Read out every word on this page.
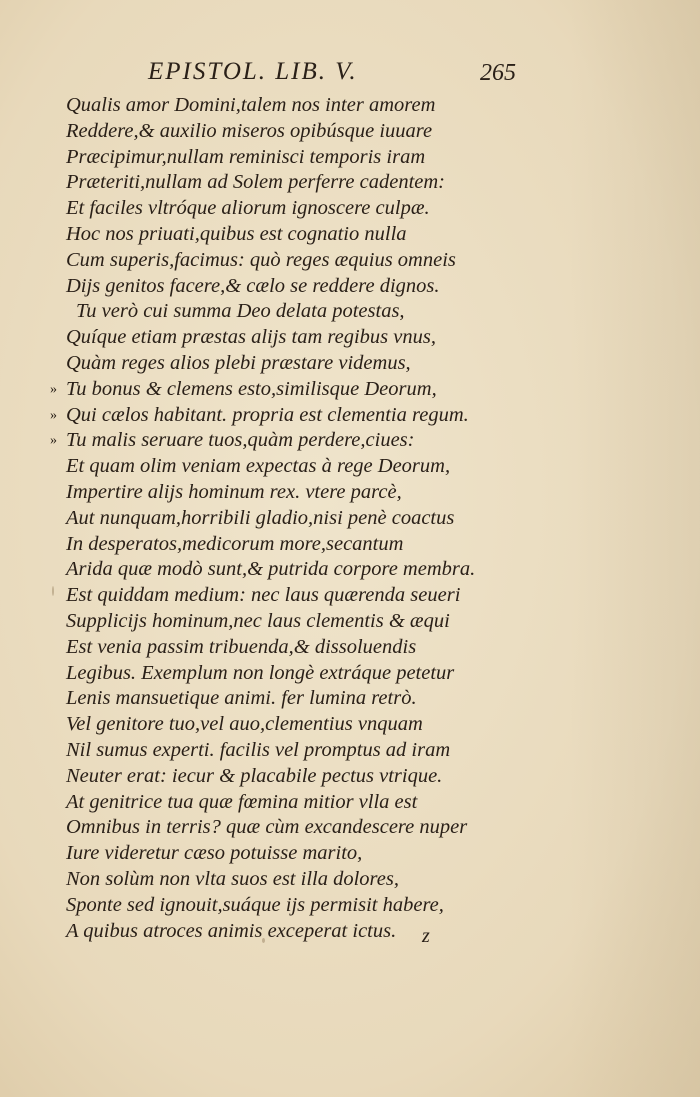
EPISTOL. LIB. V.	265
Qualis amor Domini,talem nos inter amorem
Reddere,& auxilio miseros opibúsque iuuare
Præcipimur,nullam reminisci temporis iram
Præteriti,nullam ad Solem perferre cadentem:
Et faciles vltróque aliorum ignoscere culpæ.
Hoc nos priuati,quibus est cognatio nulla
Cum superis,facimus: quò reges æquius omneis
Dijs genitos facere,& cælo se reddere dignos.
Tu verò cui summa Deo delata potestas,
Quíque etiam præstas alijs tam regibus vnus,
Quàm reges alios plebi præstare videmus,
» Tu bonus & clemens esto,similisque Deorum,
» Qui cælos habitant. propria est clementia regum.
» Tu malis seruare tuos,quàm perdere,ciues:
Et quam olim veniam expectas à rege Deorum,
Impertire alijs hominum rex. vtere parcè,
Aut nunquam,horribili gladio,nisi penè coactus
In desperatos,medicorum more,secantum
Arida quæ modò sunt,& putrida corpore membra.
Est quiddam medium: nec laus quærenda seueri
Supplicijs hominum,nec laus clementis & æqui
Est venia passim tribuenda,& dissoluendis
Legibus. Exemplum non longè extráque petetur
Lenis mansuetique animi. fer lumina retrò.
Vel genitore tuo,vel auo,clementius vnquam
Nil sumus experti. facilis vel promptus ad iram
Neuter erat: iecur & placabile pectus vtrique.
At genitrice tua quæ fœmina mitior vlla est
Omnibus in terris? quæ cùm excandescere nuper
Iure videretur cæso potuisse marito,
Non solùm non vlta suos est illa dolores,
Sponte sed ignouit,suáque ijs permisit habere,
A quibus atroces animis exceperat ictus.	z
